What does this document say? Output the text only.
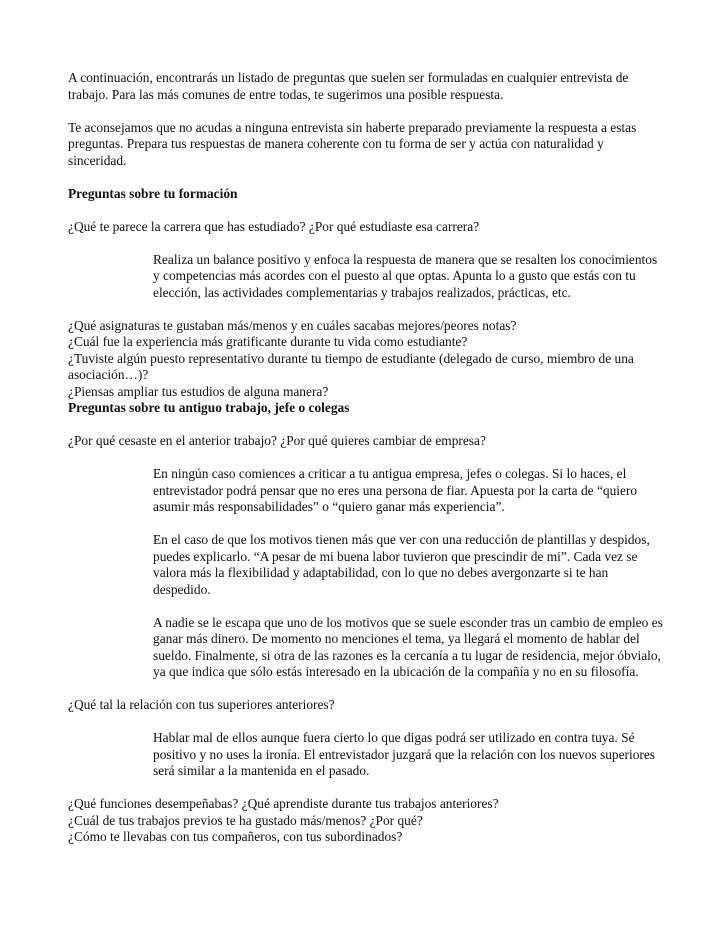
A continuación, encontrarás un listado de preguntas que suelen ser formuladas en cualquier entrevista de trabajo. Para las más comunes de entre todas, te sugerimos una posible respuesta.

Te aconsejamos que no acudas a ninguna entrevista sin haberte preparado previamente la respuesta a estas preguntas. Prepara tus respuestas de manera coherente con tu forma de ser y actúa con naturalidad y sinceridad.

Preguntas sobre tu formación

¿Qué te parece la carrera que has estudiado? ¿Por qué estudiaste esa carrera?

Realiza un balance positivo y enfoca la respuesta de manera que se resalten los conocimientos y competencias más acordes con el puesto al que optas. Apunta lo a gusto que estás con tu elección, las actividades complementarias y trabajos realizados, prácticas, etc.

¿Qué asignaturas te gustaban más/menos y en cuáles sacabas mejores/peores notas?

¿Cuál fue la experiencia más gratificante durante tu vida como estudiante?

¿Tuviste algún puesto representativo durante tu tiempo de estudiante (delegado de curso, miembro de una asociación…)?

¿Piensas ampliar tus estudios de alguna manera?

Preguntas sobre tu antiguo trabajo, jefe o colegas

¿Por qué cesaste en el anterior trabajo? ¿Por qué quieres cambiar de empresa?

En ningún caso comiences a criticar a tu antigua empresa, jefes o colegas. Si lo haces, el entrevistador podrá pensar que no eres una persona de fiar. Apuesta por la carta de “quiero asumir más responsabilidades” o “quiero ganar más experiencia”.

En el caso de que los motivos tienen más que ver con una reducción de plantillas y despidos, puedes explicarlo. “A pesar de mi buena labor tuvieron que prescindir de mi”. Cada vez se valora más la flexibilidad y adaptabilidad, con lo que no debes avergonzarte si te han despedido.

A nadie se le escapa que uno de los motivos que se suele esconder tras un cambio de empleo es ganar más dinero. De momento no menciones el tema, ya llegará el momento de hablar del sueldo. Finalmente, si otra de las razones es la cercanía a tu lugar de residencia, mejor óbvialo, ya que indica que sólo estás interesado en la ubicación de la compañía y no en su filosofía.

¿Qué tal la relación con tus superiores anteriores?

Hablar mal de ellos aunque fuera cierto lo que digas podrá ser utilizado en contra tuya. Sé positivo y no uses la ironía. El entrevistador juzgará que la relación con los nuevos superiores será similar a la mantenida en el pasado.

¿Qué funciones desempeñabas? ¿Qué aprendiste durante tus trabajos anteriores?

¿Cuál de tus trabajos previos te ha gustado más/menos? ¿Por qué?

¿Cómo te llevabas con tus compañeros, con tus subordinados?
